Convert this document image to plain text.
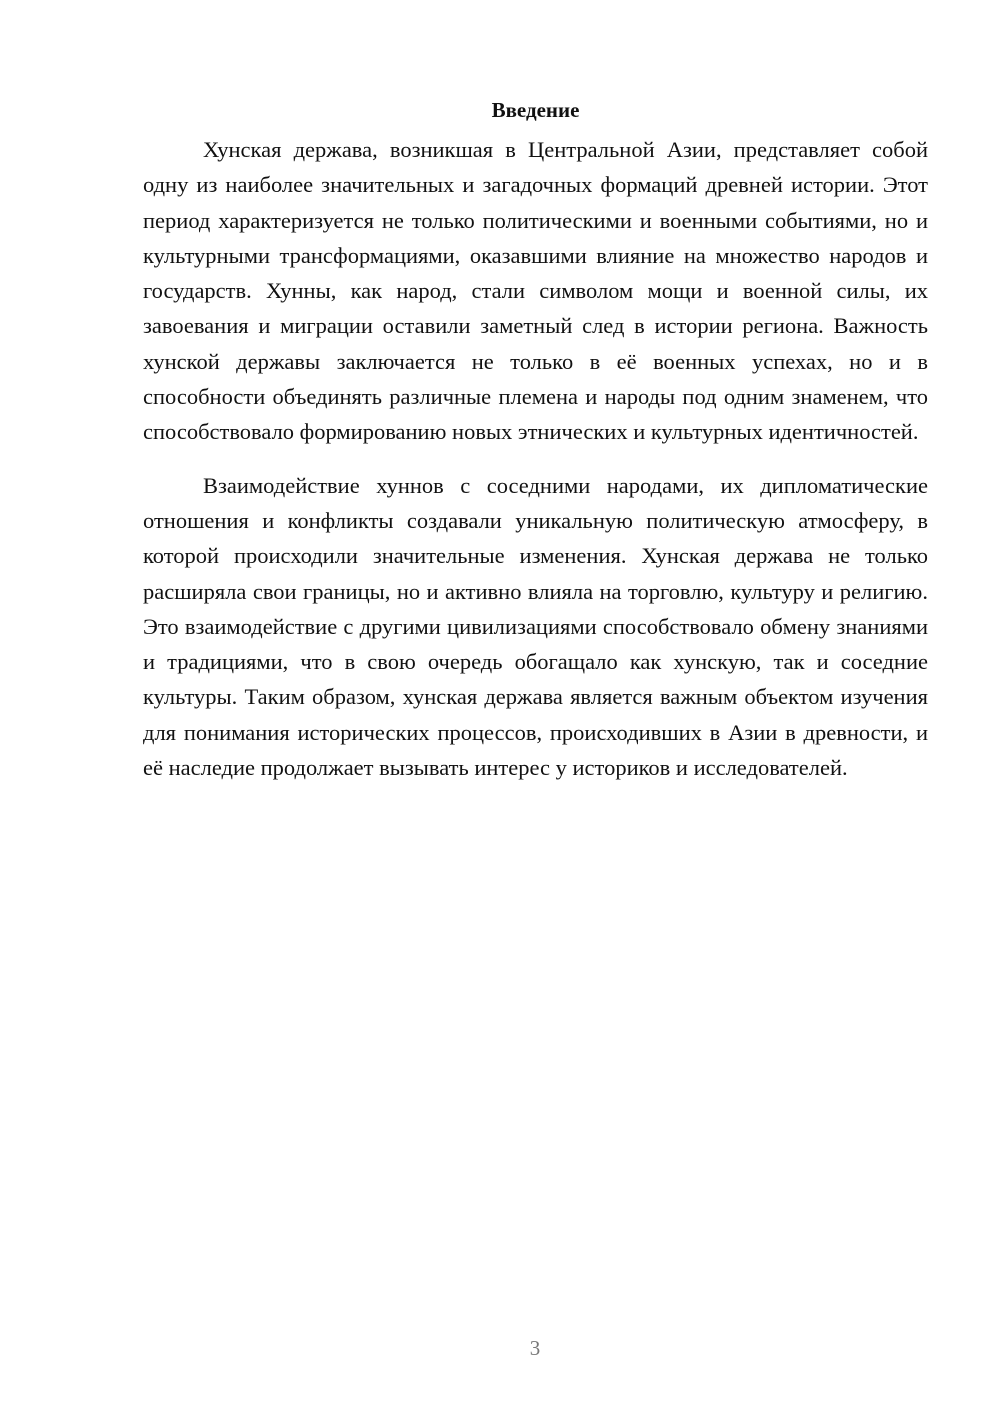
Введение

Хунская держава, возникшая в Центральной Азии, представляет собой одну из наиболее значительных и загадочных формаций древней истории. Этот период характеризуется не только политическими и военными событиями, но и культурными трансформациями, оказавшими влияние на множество народов и государств. Хунны, как народ, стали символом мощи и военной силы, их завоевания и миграции оставили заметный след в истории региона. Важность хунской державы заключается не только в её военных успехах, но и в способности объединять различные племена и народы под одним знаменем, что способствовало формированию новых этнических и культурных идентичностей.

Взаимодействие хуннов с соседними народами, их дипломатические отношения и конфликты создавали уникальную политическую атмосферу, в которой происходили значительные изменения. Хунская держава не только расширяла свои границы, но и активно влияла на торговлю, культуру и религию. Это взаимодействие с другими цивилизациями способствовало обмену знаниями и традициями, что в свою очередь обогащало как хунскую, так и соседние культуры. Таким образом, хунская держава является важным объектом изучения для понимания исторических процессов, происходивших в Азии в древности, и её наследие продолжает вызывать интерес у историков и исследователей.

3
